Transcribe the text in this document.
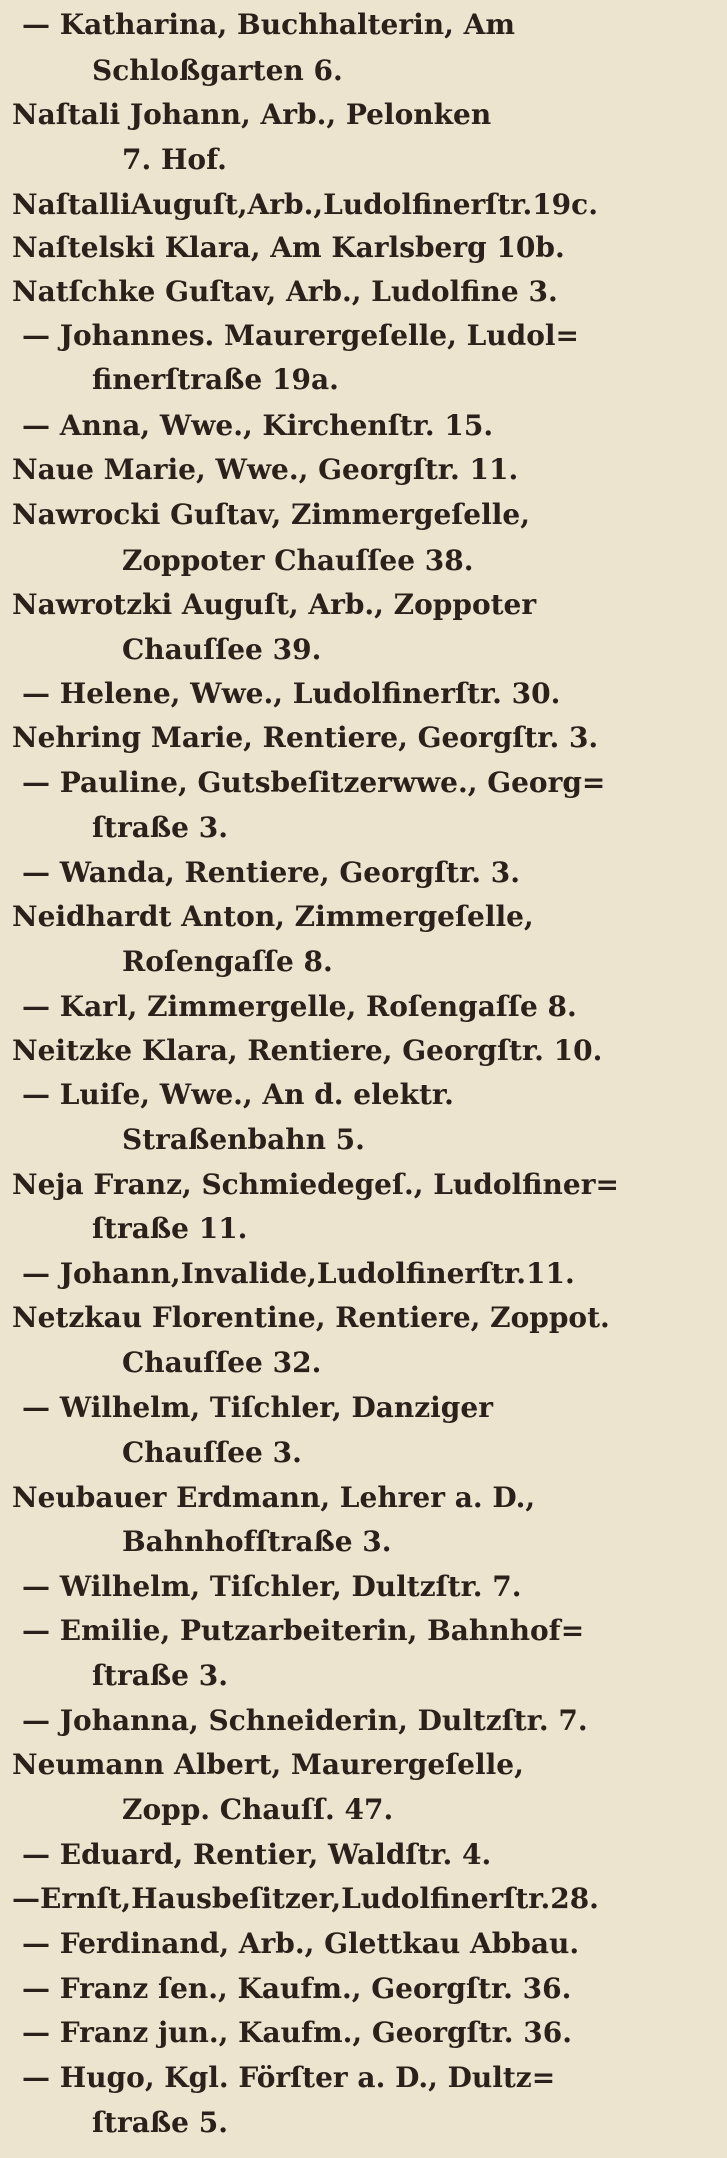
— Katharina, Buchhalterin, Am
Schloßgarten 6.
Naſtali Johann, Arb., Pelonken
7. Hof.
NaſtalliAuguſt,Arb.,Ludolfinerſtr.19c.
Naſtelski Klara, Am Karlsberg 10b.
Natſchke Guſtav, Arb., Ludolfine 3.
— Johannes. Maurergeſelle, Ludol=
finerſtraße 19a.
— Anna, Wwe., Kirchenſtr. 15.
Naue Marie, Wwe., Georgſtr. 11.
Nawrocki Guſtav, Zimmergeſelle,
Zoppoter Chauſſee 38.
Nawrotzki Auguſt, Arb., Zoppoter
Chauſſee 39.
— Helene, Wwe., Ludolfinerſtr. 30.
Nehring Marie, Rentiere, Georgſtr. 3.
— Pauline, Gutsbeſitzerwwe., Georg=
ſtraße 3.
— Wanda, Rentiere, Georgſtr. 3.
Neidhardt Anton, Zimmergeſelle,
Roſengaſſe 8.
— Karl, Zimmergelle, Roſengaſſe 8.
Neitzke Klara, Rentiere, Georgſtr. 10.
— Luiſe, Wwe., An d. elektr.
Straßenbahn 5.
Neja Franz, Schmiedegeſ., Ludolfiner=
ſtraße 11.
— Johann,Invalide,Ludolfinerſtr.11.
Netzkau Florentine, Rentiere, Zoppot.
Chauſſee 32.
— Wilhelm, Tiſchler, Danziger
Chauſſee 3.
Neubauer Erdmann, Lehrer a. D.,
Bahnhofſtraße 3.
— Wilhelm, Tiſchler, Dultzſtr. 7.
— Emilie, Putzarbeiterin, Bahnhof=
ſtraße 3.
— Johanna, Schneiderin, Dultzſtr. 7.
Neumann Albert, Maurergeſelle,
Zopp. Chauſſ. 47.
— Eduard, Rentier, Waldſtr. 4.
—Ernſt,Hausbeſitzer,Ludolfinerſtr.28.
— Ferdinand, Arb., Glettkau Abbau.
— Franz ſen., Kaufm., Georgſtr. 36.
— Franz jun., Kaufm., Georgſtr. 36.
— Hugo, Kgl. Förſter a. D., Dultz=
ſtraße 5.
